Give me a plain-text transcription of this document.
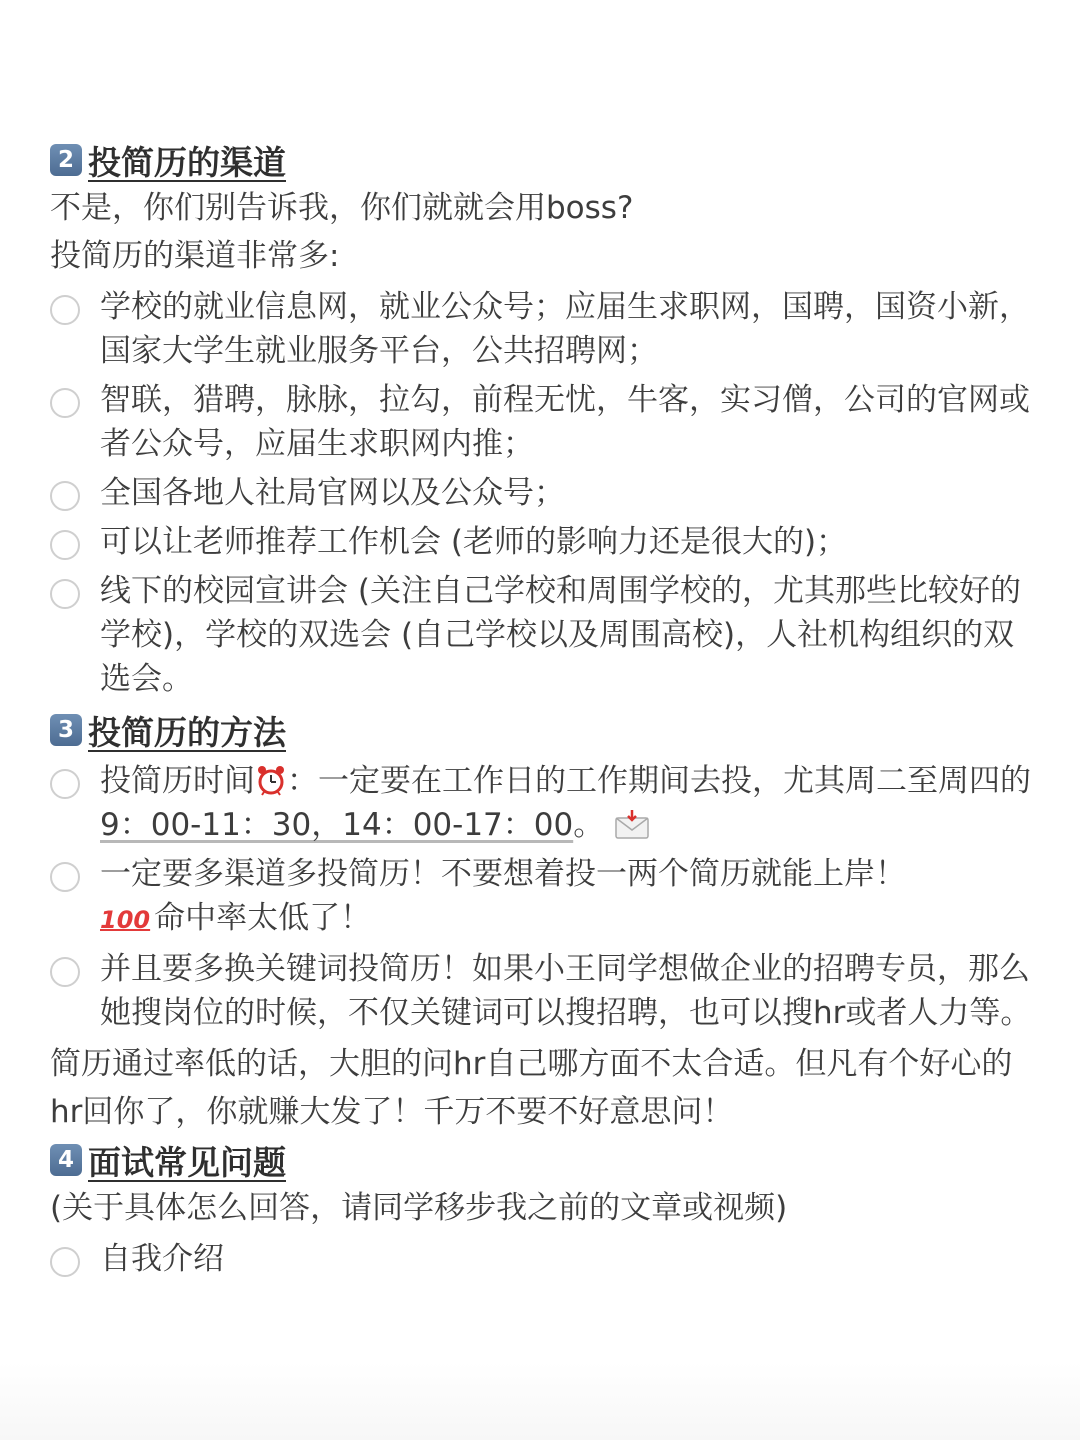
2 投简历的渠道

不是，你们别告诉我，你们就就会用boss?

投简历的渠道非常多:

学校的就业信息网，就业公众号；应届生求职网，国聘，国资小新，国家大学生就业服务平台，公共招聘网；
智联，猎聘，脉脉，拉勾，前程无忧，牛客，实习僧，公司的官网或者公众号，应届生求职网内推；
全国各地人社局官网以及公众号；
可以让老师推荐工作机会 (老师的影响力还是很大的)；
线下的校园宣讲会 (关注自己学校和周围学校的，尤其那些比较好的学校)，学校的双选会 (自己学校以及周围高校)，人社机构组织的双选会。
3 投简历的方法
投简历时间 ：一定要在工作日的工作期间去投，尤其周二至周四的9：00-11：30，14：00-17：00。
一定要多渠道多投简历！不要想着投一两个简历就能上岸！
100 命中率太低了！
并且要多换关键词投简历！如果小王同学想做企业的招聘专员，那么她搜岗位的时候，不仅关键词可以搜招聘，也可以搜hr或者人力等。

简历通过率低的话，大胆的问hr自己哪方面不太合适。但凡有个好心的hr回你了，你就赚大发了！千万不要不好意思问！

4 面试常见问题

(关于具体怎么回答，请同学移步我之前的文章或视频)

自我介绍
